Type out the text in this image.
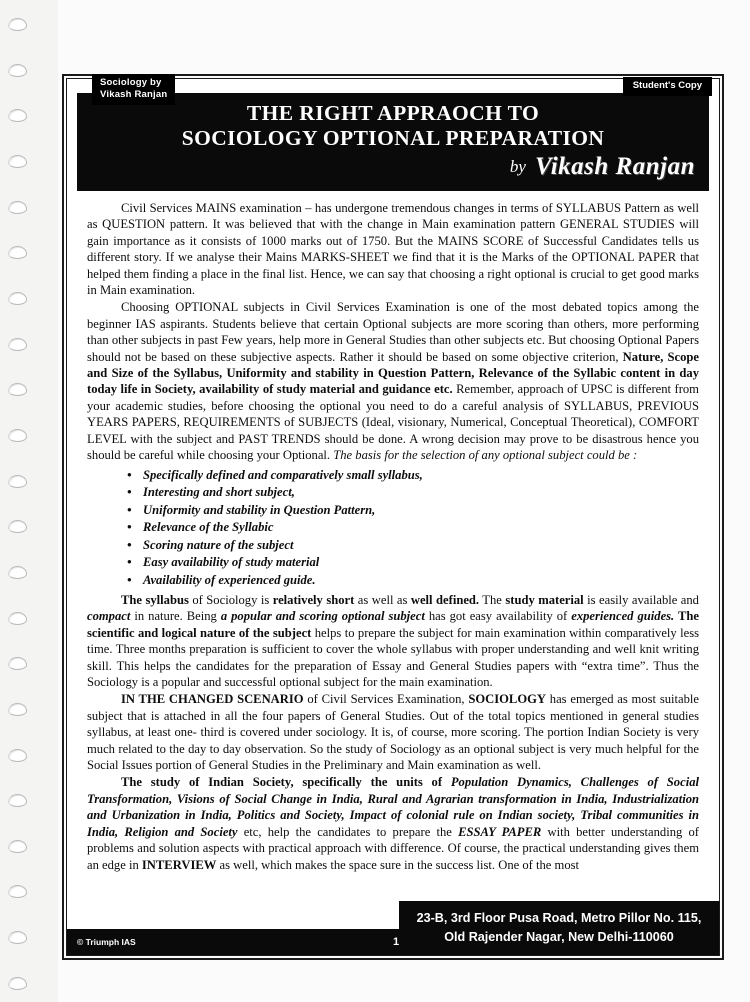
Sociology by
Vikash Ranjan
Student's Copy
THE RIGHT APPRAOCH TO
SOCIOLOGY OPTIONAL PREPARATION
by Vikash Ranjan

Civil Services MAINS examination – has undergone tremendous changes in terms of SYLLABUS Pattern as well as QUESTION pattern. It was believed that with the change in Main examination pattern GENERAL STUDIES will gain importance as it consists of 1000 marks out of 1750. But the MAINS SCORE of Successful Candidates tells us different story. If we analyse their Mains MARKS-SHEET we find that it is the Marks of the OPTIONAL PAPER that helped them finding a place in the final list. Hence, we can say that choosing a right optional is crucial to get good marks in Main examination.

Choosing OPTIONAL subjects in Civil Services Examination is one of the most debated topics among the beginner IAS aspirants. Students believe that certain Optional subjects are more scoring than others, more performing than other subjects in past Few years, help more in General Studies than other subjects etc. But choosing Optional Papers should not be based on these subjective aspects. Rather it should be based on some objective criterion, Nature, Scope and Size of the Syllabus, Uniformity and stability in Question Pattern, Relevance of the Syllabic content in day today life in Society, availability of study material and guidance etc. Remember, approach of UPSC is different from your academic studies, before choosing the optional you need to do a careful analysis of SYLLABUS, PREVIOUS YEARS PAPERS, REQUIREMENTS of SUBJECTS (Ideal, visionary, Numerical, Conceptual Theoretical), COMFORT LEVEL with the subject and PAST TRENDS should be done. A wrong decision may prove to be disastrous hence you should be careful while choosing your Optional. The basis for the selection of any optional subject could be :

• Specifically defined and comparatively small syllabus,
• Interesting and short subject,
• Uniformity and stability in Question Pattern,
• Relevance of the Syllabic
• Scoring nature of the subject
• Easy availability of study material
• Availability of experienced guide.

The syllabus of Sociology is relatively short as well as well defined. The study material is easily available and compact in nature. Being a popular and scoring optional subject has got easy availability of experienced guides. The scientific and logical nature of the subject helps to prepare the subject for main examination within comparatively less time. Three months preparation is sufficient to cover the whole syllabus with proper understanding and well knit writing skill. This helps the candidates for the preparation of Essay and General Studies papers with “extra time”. Thus the Sociology is a popular and successful optional subject for the main examination.

IN THE CHANGED SCENARIO of Civil Services Examination, SOCIOLOGY has emerged as most suitable subject that is attached in all the four papers of General Studies. Out of the total topics mentioned in general studies syllabus, at least one- third is covered under sociology. It is, of course, more scoring. The portion Indian Society is very much related to the day to day observation. So the study of Sociology as an optional subject is very much helpful for the Social Issues portion of General Studies in the Preliminary and Main examination as well.

The study of Indian Society, specifically the units of Population Dynamics, Challenges of Social Transformation, Visions of Social Change in India, Rural and Agrarian transformation in India, Industrialization and Urbanization in India, Politics and Society, Impact of colonial rule on Indian society, Tribal communities in India, Religion and Society etc, help the candidates to prepare the ESSAY PAPER with better understanding of problems and solution aspects with practical approach with difference. Of course, the practical understanding gives them an edge in INTERVIEW as well, which makes the space sure in the success list. One of the most

© Triumph IAS	1
23-B, 3rd Floor Pusa Road, Metro Pillor No. 115,
Old Rajender Nagar, New Delhi-110060
